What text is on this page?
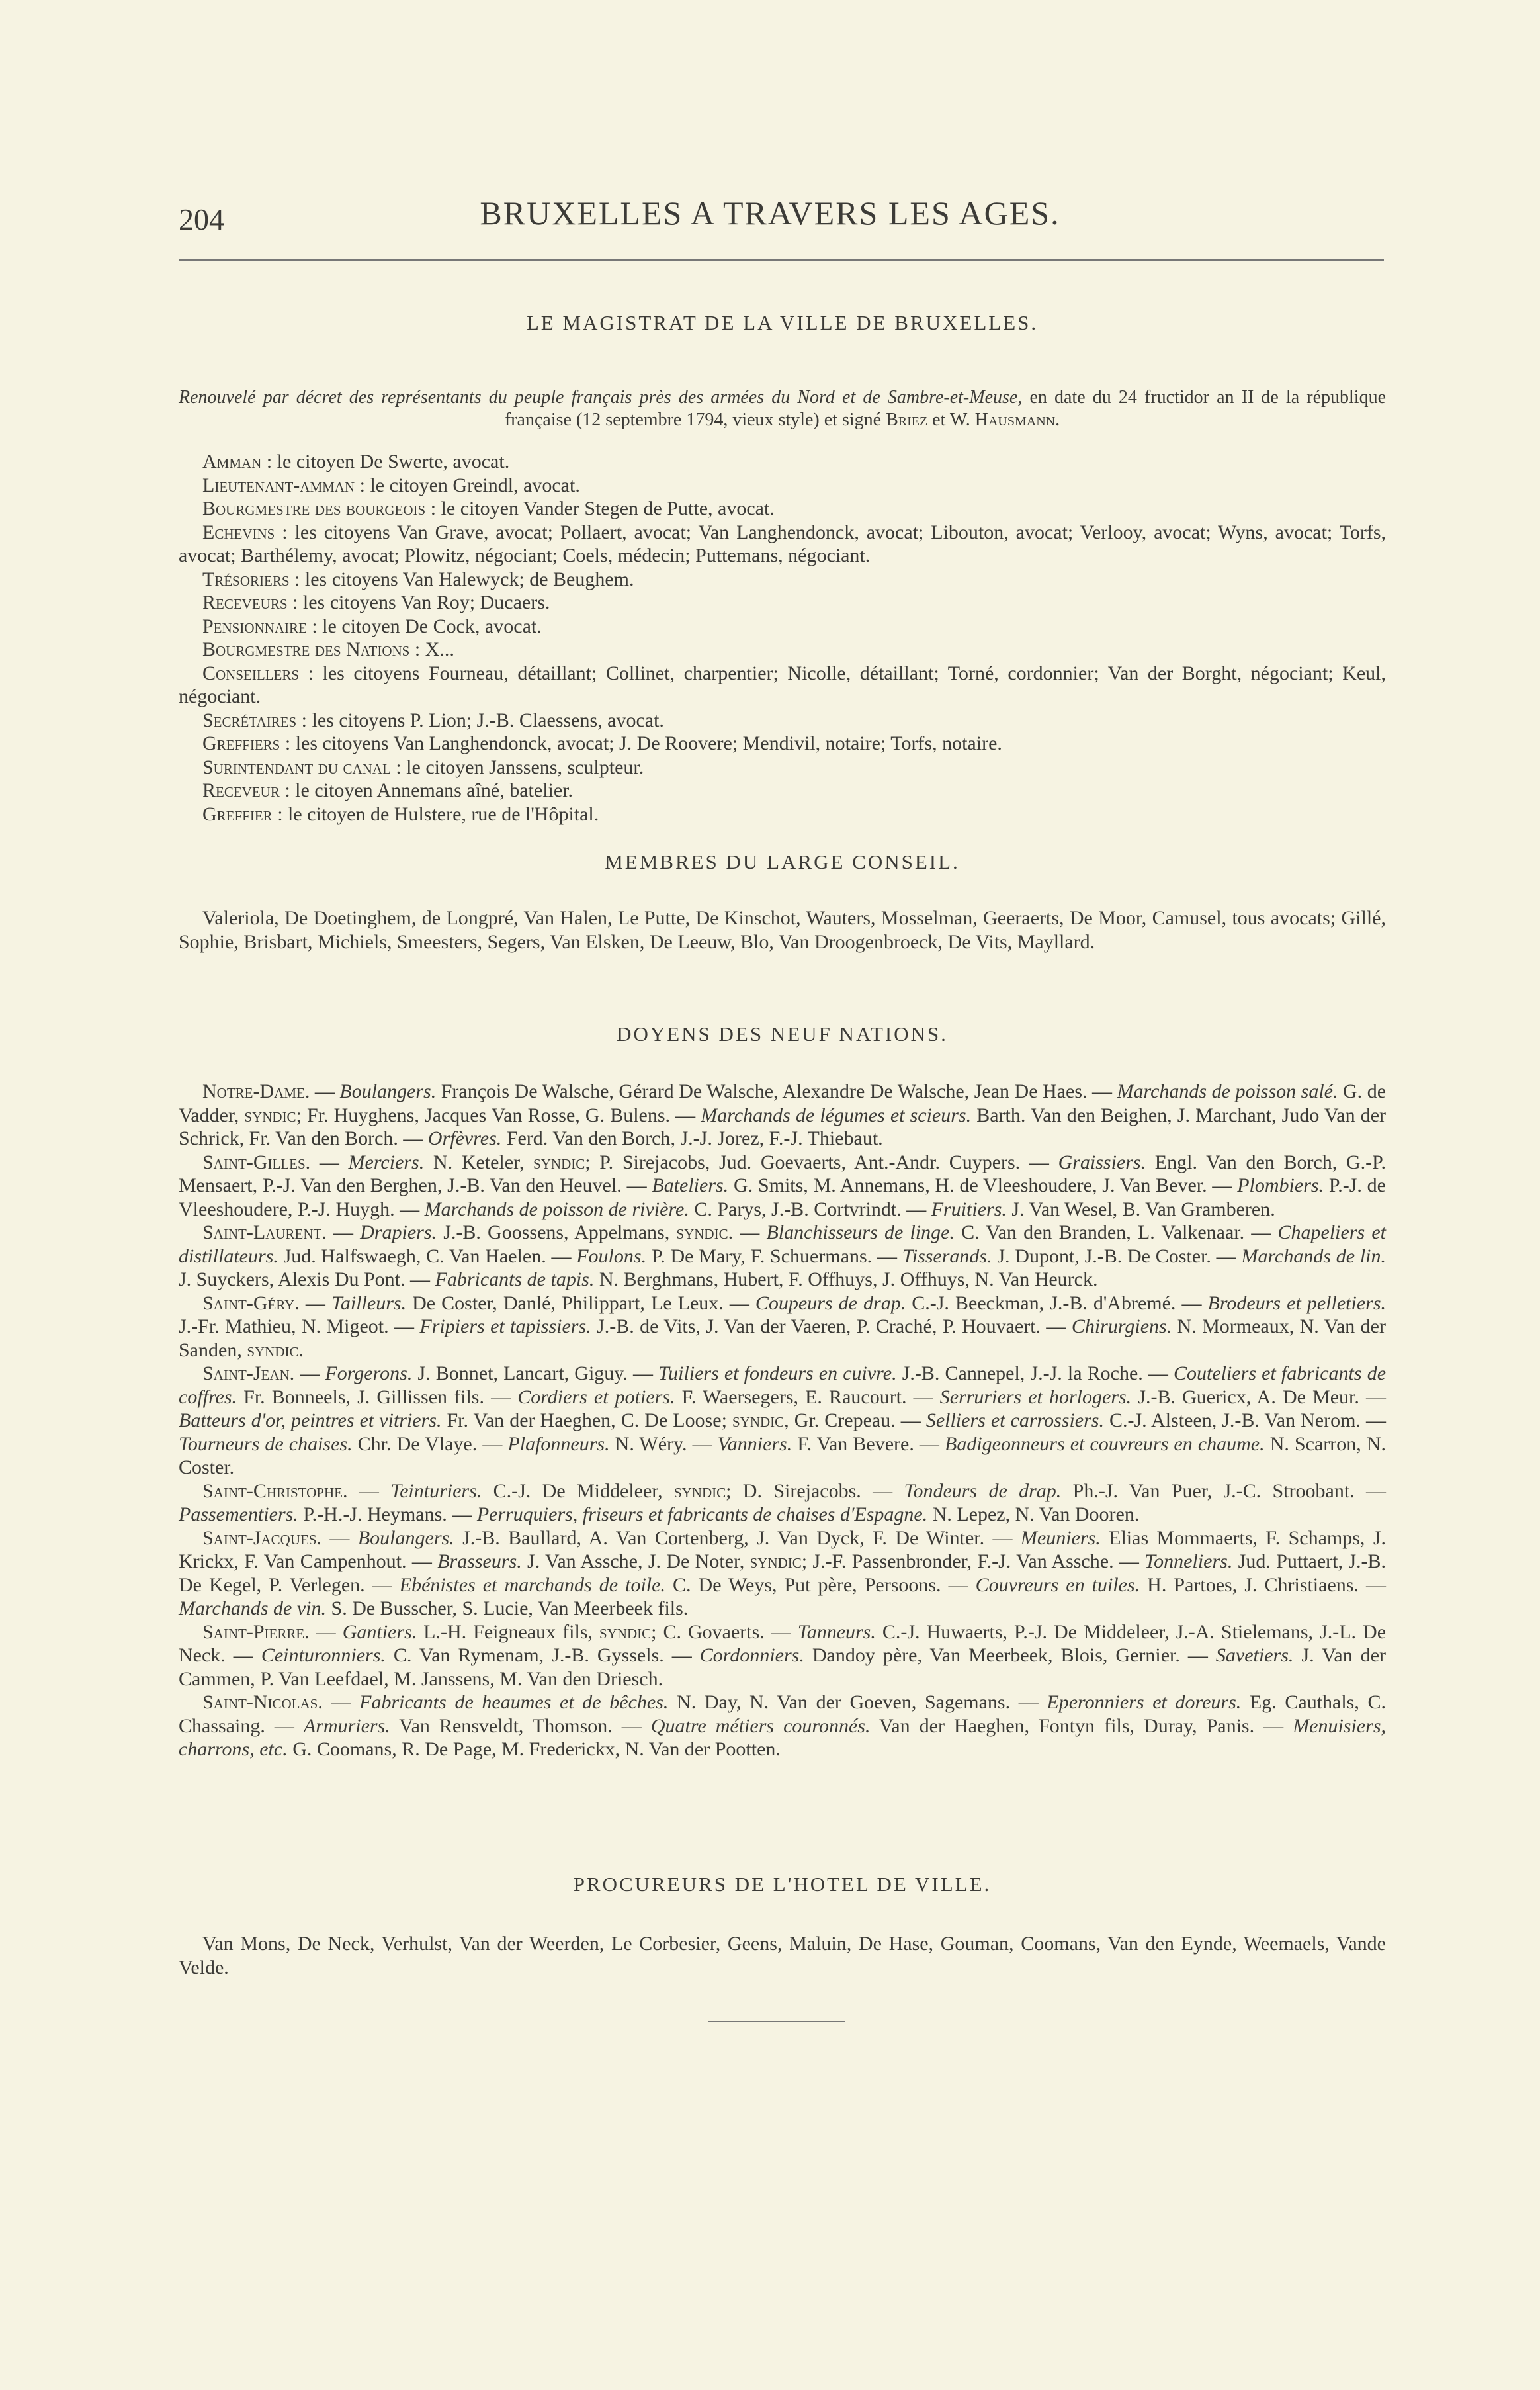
204	BRUXELLES A TRAVERS LES AGES.
LE MAGISTRAT DE LA VILLE DE BRUXELLES.

Renouvelé par décret des représentants du peuple français près des armées du Nord et de Sambre-et-Meuse, en date du 24 fructidor an II de la république française (12 septembre 1794, vieux style) et signé Briez et W. Hausmann.

Amman : le citoyen De Swerte, avocat.

Lieutenant-amman : le citoyen Greindl, avocat.

Bourgmestre des bourgeois : le citoyen Vander Stegen de Putte, avocat.

Echevins : les citoyens Van Grave, avocat; Pollaert, avocat; Van Langhendonck, avocat; Libouton, avocat; Verlooy, avocat; Wyns, avocat; Torfs, avocat; Barthélemy, avocat; Plowitz, négociant; Coels, médecin; Puttemans, négociant.

Trésoriers : les citoyens Van Halewyck; de Beughem.

Receveurs : les citoyens Van Roy; Ducaers.

Pensionnaire : le citoyen De Cock, avocat.

Bourgmestre des Nations : X...

Conseillers : les citoyens Fourneau, détaillant; Collinet, charpentier; Nicolle, détaillant; Torné, cordonnier; Van der Borght, négociant; Keul, négociant.

Secrétaires : les citoyens P. Lion; J.-B. Claessens, avocat.

Greffiers : les citoyens Van Langhendonck, avocat; J. De Roovere; Mendivil, notaire; Torfs, notaire.

Surintendant du canal : le citoyen Janssens, sculpteur.

Receveur : le citoyen Annemans aîné, batelier.

Greffier : le citoyen de Hulstere, rue de l'Hôpital.

MEMBRES DU LARGE CONSEIL.

Valeriola, De Doetinghem, de Longpré, Van Halen, Le Putte, De Kinschot, Wauters, Mosselman, Geeraerts, De Moor, Camusel, tous avocats; Gillé, Sophie, Brisbart, Michiels, Smeesters, Segers, Van Elsken, De Leeuw, Blo, Van Droogenbroeck, De Vits, Mayllard.

DOYENS DES NEUF NATIONS.

Notre-Dame. — Boulangers. François De Walsche, Gérard De Walsche, Alexandre De Walsche, Jean De Haes. — Marchands de poisson salé. G. de Vadder, syndic; Fr. Huyghens, Jacques Van Rosse, G. Bulens. — Marchands de légumes et scieurs. Barth. Van den Beighen, J. Marchant, Judo Van der Schrick, Fr. Van den Borch. — Orfèvres. Ferd. Van den Borch, J.-J. Jorez, F.-J. Thiebaut.

Saint-Gilles. — Merciers. N. Keteler, syndic; P. Sirejacobs, Jud. Goevaerts, Ant.-Andr. Cuypers. — Graissiers. Engl. Van den Borch, G.-P. Mensaert, P.-J. Van den Berghen, J.-B. Van den Heuvel. — Bateliers. G. Smits, M. Annemans, H. de Vleeshoudere, J. Van Bever. — Plombiers. P.-J. de Vleeshoudere, P.-J. Huygh. — Marchands de poisson de rivière. C. Parys, J.-B. Cortvrindt. — Fruitiers. J. Van Wesel, B. Van Gramberen.

Saint-Laurent. — Drapiers. J.-B. Goossens, Appelmans, syndic. — Blanchisseurs de linge. C. Van den Branden, L. Valkenaar. — Chapeliers et distillateurs. Jud. Halfswaegh, C. Van Haelen. — Foulons. P. De Mary, F. Schuermans. — Tisserands. J. Dupont, J.-B. De Coster. — Marchands de lin. J. Suyckers, Alexis Du Pont. — Fabricants de tapis. N. Berghmans, Hubert, F. Offhuys, J. Offhuys, N. Van Heurck.

Saint-Géry. — Tailleurs. De Coster, Danlé, Philippart, Le Leux. — Coupeurs de drap. C.-J. Beeckman, J.-B. d'Abremé. — Brodeurs et pelletiers. J.-Fr. Mathieu, N. Migeot. — Fripiers et tapissiers. J.-B. de Vits, J. Van der Vaeren, P. Craché, P. Houvaert. — Chirurgiens. N. Mormeaux, N. Van der Sanden, syndic.

Saint-Jean. — Forgerons. J. Bonnet, Lancart, Giguy. — Tuiliers et fondeurs en cuivre. J.-B. Cannepel, J.-J. la Roche. — Couteliers et fabricants de coffres. Fr. Bonneels, J. Gillissen fils. — Cordiers et potiers. F. Waersegers, E. Raucourt. — Serruriers et horlogers. J.-B. Guericx, A. De Meur. — Batteurs d'or, peintres et vitriers. Fr. Van der Haeghen, C. De Loose; syndic, Gr. Crepeau. — Selliers et carrossiers. C.-J. Alsteen, J.-B. Van Nerom. — Tourneurs de chaises. Chr. De Vlaye. — Plafonneurs. N. Wéry. — Vanniers. F. Van Bevere. — Badigeonneurs et couvreurs en chaume. N. Scarron, N. Coster.

Saint-Christophe. — Teinturiers. C.-J. De Middeleer, syndic; D. Sirejacobs. — Tondeurs de drap. Ph.-J. Van Puer, J.-C. Stroobant. — Passementiers. P.-H.-J. Heymans. — Perruquiers, friseurs et fabricants de chaises d'Espagne. N. Lepez, N. Van Dooren.

Saint-Jacques. — Boulangers. J.-B. Baullard, A. Van Cortenberg, J. Van Dyck, F. De Winter. — Meuniers. Elias Mommaerts, F. Schamps, J. Krickx, F. Van Campenhout. — Brasseurs. J. Van Assche, J. De Noter, syndic; J.-F. Passenbronder, F.-J. Van Assche. — Tonneliers. Jud. Puttaert, J.-B. De Kegel, P. Verlegen. — Ebénistes et marchands de toile. C. De Weys, Put père, Persoons. — Couvreurs en tuiles. H. Partoes, J. Christiaens. — Marchands de vin. S. De Busscher, S. Lucie, Van Meerbeek fils.

Saint-Pierre. — Gantiers. L.-H. Feigneaux fils, syndic; C. Govaerts. — Tanneurs. C.-J. Huwaerts, P.-J. De Middeleer, J.-A. Stielemans, J.-L. De Neck. — Ceinturonniers. C. Van Rymenam, J.-B. Gyssels. — Cordonniers. Dandoy père, Van Meerbeek, Blois, Gernier. — Savetiers. J. Van der Cammen, P. Van Leefdael, M. Janssens, M. Van den Driesch.

Saint-Nicolas. — Fabricants de heaumes et de bêches. N. Day, N. Van der Goeven, Sagemans. — Eperonniers et doreurs. Eg. Cauthals, C. Chassaing. — Armuriers. Van Rensveldt, Thomson. — Quatre métiers couronnés. Van der Haeghen, Fontyn fils, Duray, Panis. — Menuisiers, charrons, etc. G. Coomans, R. De Page, M. Frederickx, N. Van der Pootten.

PROCUREURS DE L'HOTEL DE VILLE.

Van Mons, De Neck, Verhulst, Van der Weerden, Le Corbesier, Geens, Maluin, De Hase, Gouman, Coomans, Van den Eynde, Weemaels, Vande Velde.
